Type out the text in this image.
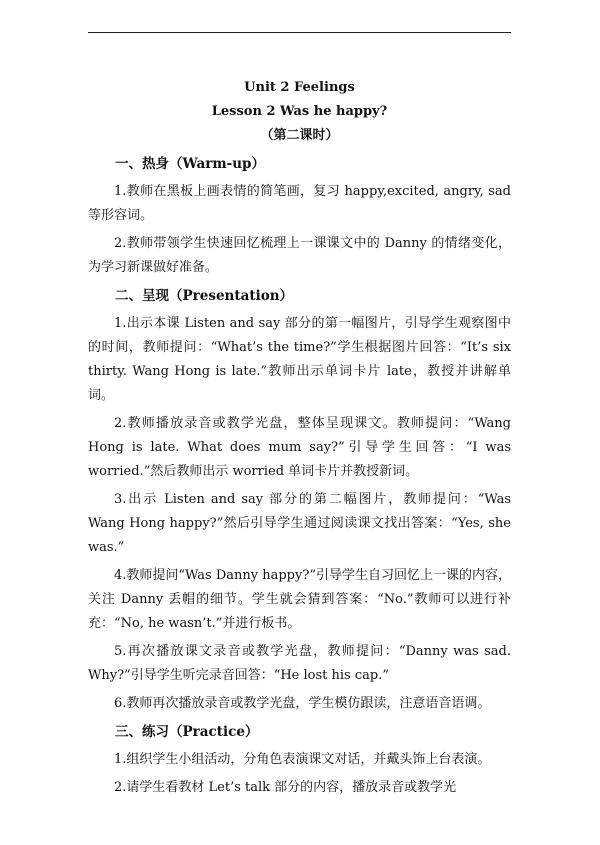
Unit 2 Feelings
Lesson 2 Was he happy?
（第二课时）
一、热身（Warm-up）
1.教师在黑板上画表情的简笔画，复习 happy,excited, angry, sad 等形容词。
2.教师带领学生快速回忆梳理上一课课文中的 Danny 的情绪变化，为学习新课做好准备。
二、呈现（Presentation）
1.出示本课 Listen and say 部分的第一幅图片，引导学生观察图中的时间，教师提问：“What’s the time?”学生根据图片回答：“It’s six thirty. Wang Hong is late.”教师出示单词卡片 late，教授并讲解单词。
2.教师播放录音或教学光盘，整体呈现课文。教师提问：“Wang Hong is late. What does mum say?”引导学生回答：“I was worried.”然后教师出示 worried 单词卡片并教授新词。
3.出示 Listen and say 部分的第二幅图片，教师提问：“Was Wang Hong happy?”然后引导学生通过阅读课文找出答案：“Yes, she was.”
4.教师提问“Was Danny happy?”引导学生自习回忆上一课的内容，关注 Danny 丢帽的细节。学生就会猜到答案：“No.”教师可以进行补充：“No, he wasn’t.”并进行板书。
5.再次播放课文录音或教学光盘，教师提问：“Danny was sad. Why?”引导学生听完录音回答：“He lost his cap.”
6.教师再次播放录音或教学光盘，学生模仿跟读，注意语音语调。
三、练习（Practice）
1.组织学生小组活动，分角色表演课文对话，并戴头饰上台表演。
2.请学生看教材 Let’s talk 部分的内容，播放录音或教学光
